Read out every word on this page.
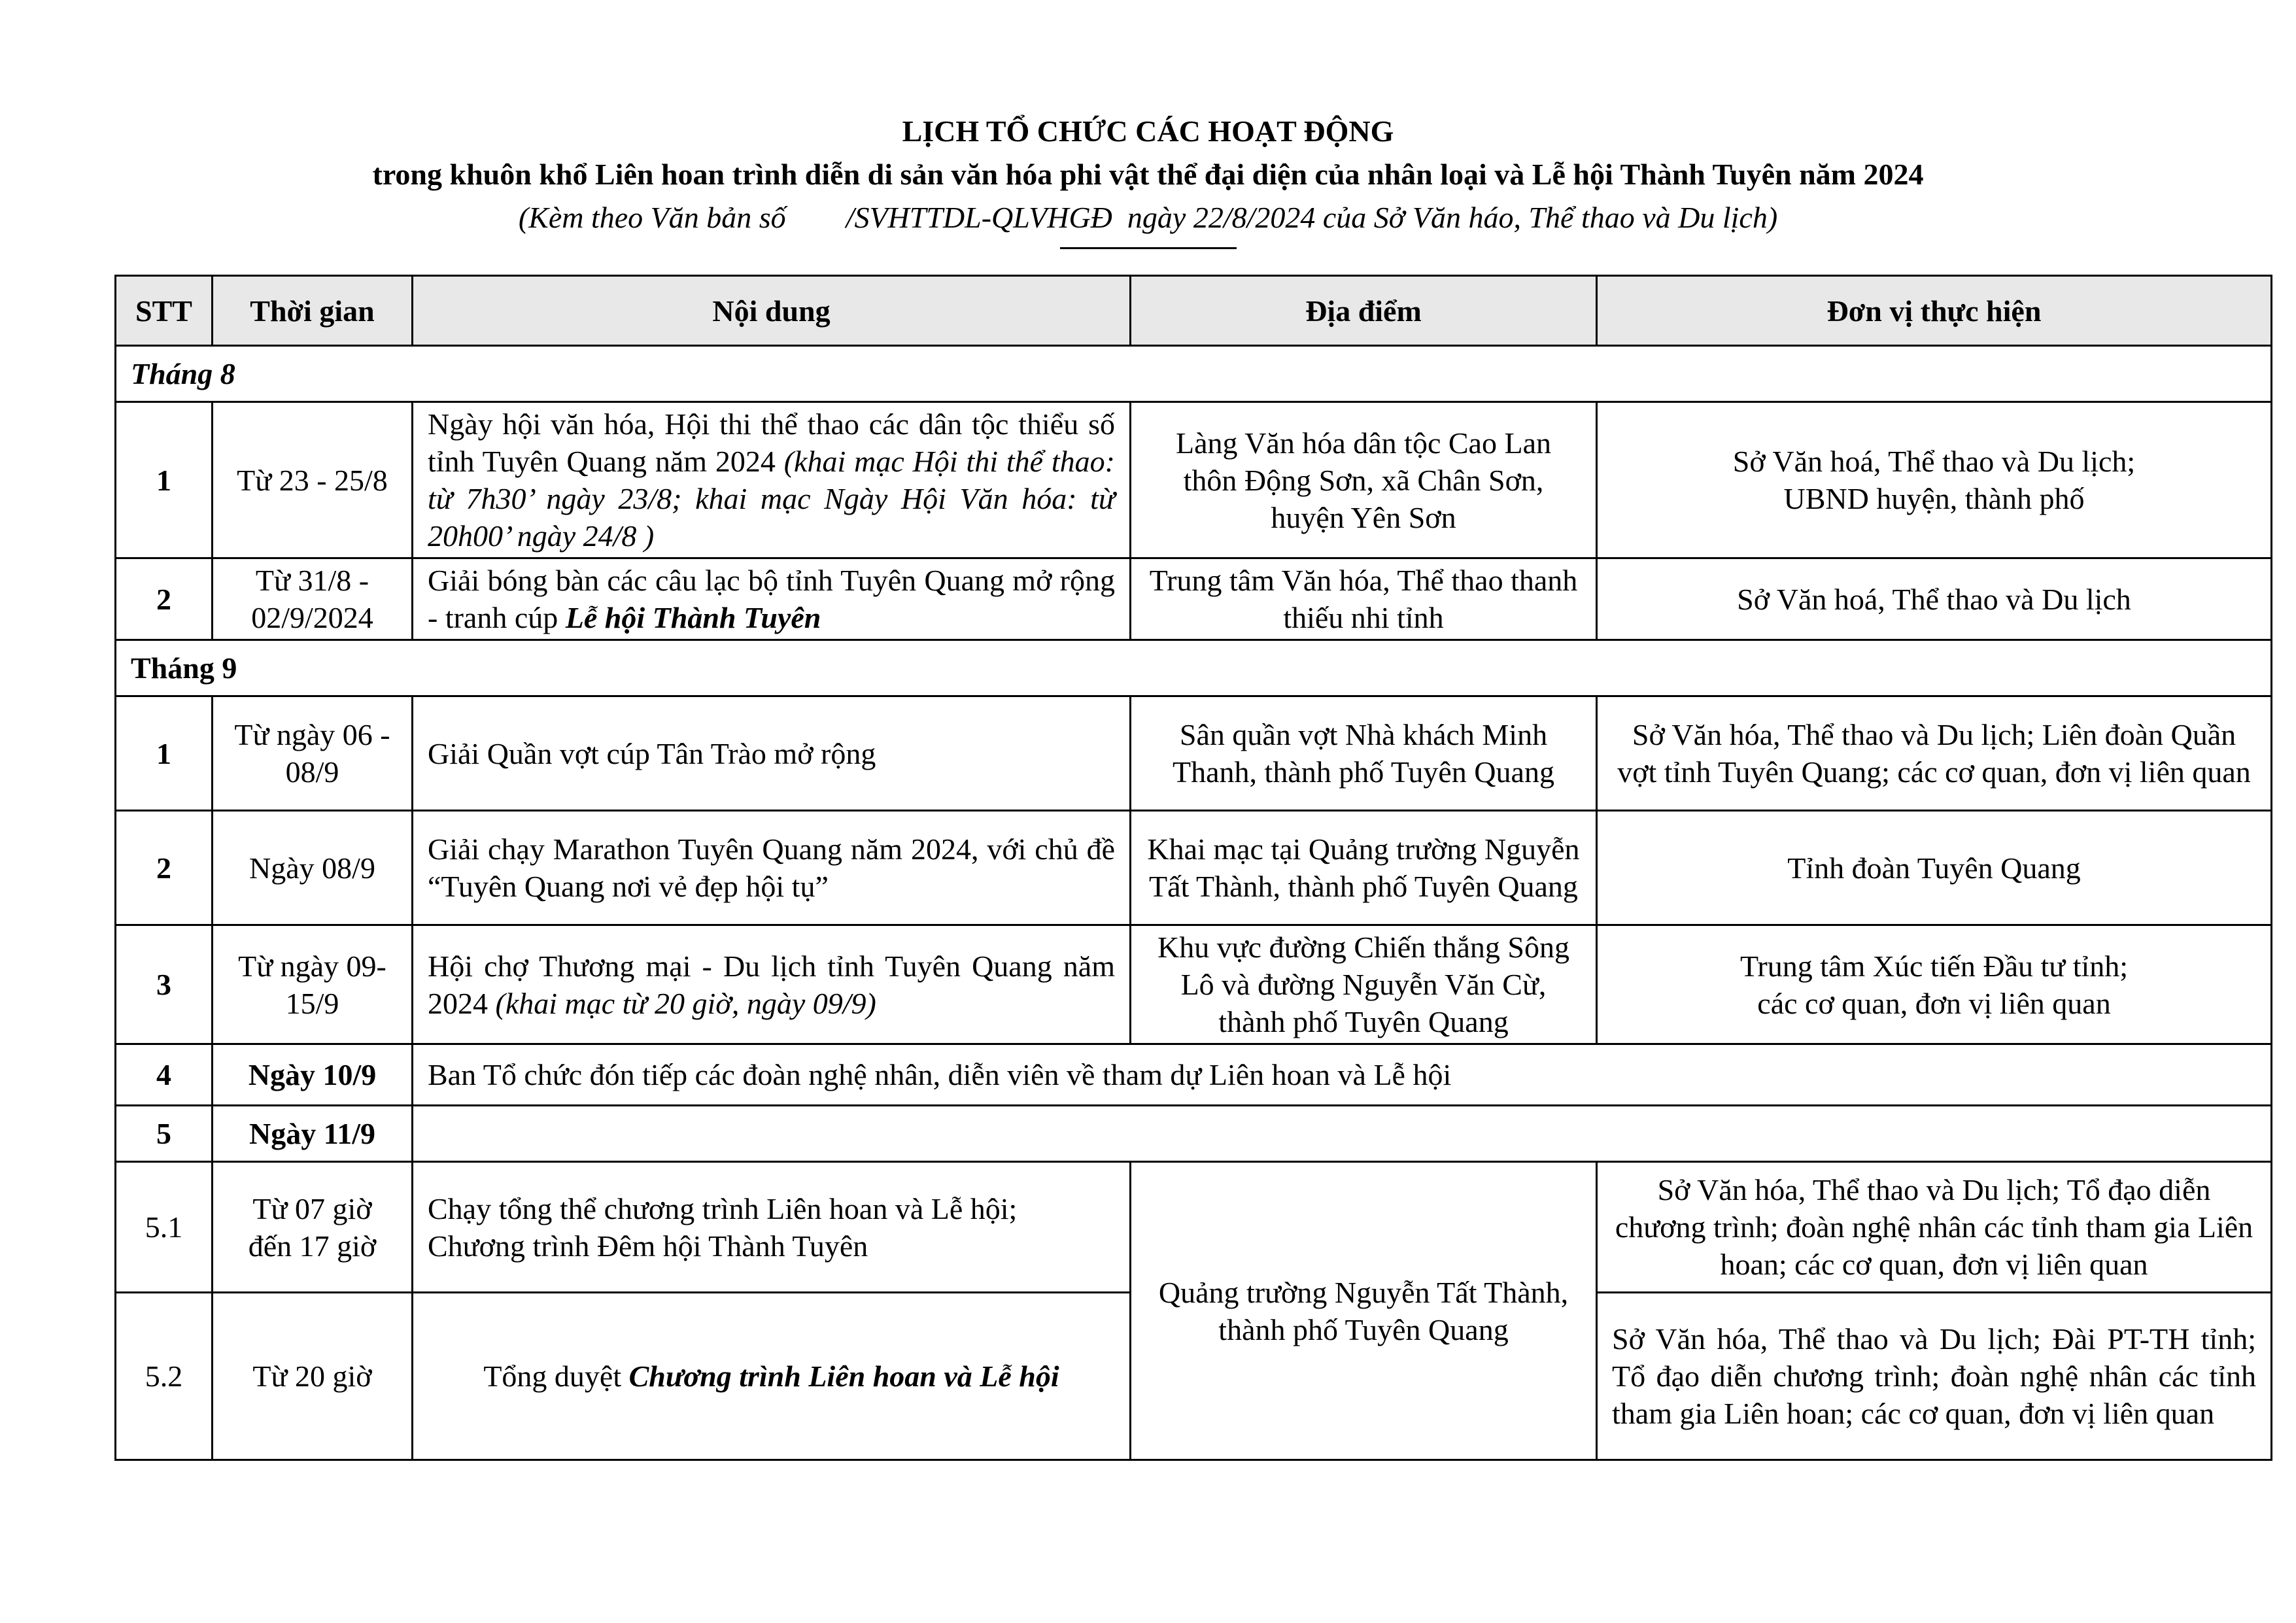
LỊCH TỔ CHỨC CÁC HOẠT ĐỘNG
trong khuôn khổ Liên hoan trình diễn di sản văn hóa phi vật thể đại diện của nhân loại và Lễ hội Thành Tuyên năm 2024
(Kèm theo Văn bản số        /SVHTTDL-QLVHGĐ  ngày 22/8/2024 của Sở Văn háo, Thể thao và Du lịch)
STT	Thời gian	Nội dung	Địa điểm	Đơn vị thực hiện
Tháng 8				
1	Từ 23 - 25/8	Ngày hội văn hóa, Hội thi thể thao các dân tộc thiểu số tỉnh Tuyên Quang năm 2024 (khai mạc Hội thi thể thao: từ 7h30’ ngày 23/8; khai mạc Ngày Hội Văn hóa: từ 20h00’ ngày 24/8 )	Làng Văn hóa dân tộc Cao Lan thôn Động Sơn, xã Chân Sơn, huyện Yên Sơn	Sở Văn hoá, Thể thao và Du lịch;
UBND huyện, thành phố

2	Từ 31/8 - 02/9/2024	Giải bóng bàn các câu lạc bộ tỉnh Tuyên Quang mở rộng - tranh cúp Lễ hội Thành Tuyên	Trung tâm Văn hóa, Thể thao thanh thiếu nhi tỉnh	Sở Văn hoá, Thể thao và Du lịch
Tháng 9				
1	Từ ngày 06 - 08/9	Giải Quần vợt cúp Tân Trào mở rộng	Sân quần vợt Nhà khách Minh Thanh, thành phố Tuyên Quang	Sở Văn hóa, Thể thao và Du lịch; Liên đoàn Quần vợt tỉnh Tuyên Quang; các cơ quan, đơn vị liên quan
2	Ngày 08/9	Giải chạy Marathon Tuyên Quang năm 2024, với chủ đề “Tuyên Quang nơi vẻ đẹp hội tụ”	Khai mạc tại Quảng trường Nguyễn Tất Thành, thành phố Tuyên Quang	Tỉnh đoàn Tuyên Quang
3	Từ ngày 09-15/9	Hội chợ Thương mại - Du lịch tỉnh Tuyên Quang năm 2024 (khai mạc từ 20 giờ, ngày 09/9)	Khu vực đường Chiến thắng Sông Lô và đường Nguyễn Văn Cừ, thành phố Tuyên Quang	Trung tâm Xúc tiến Đầu tư tỉnh;
các cơ quan, đơn vị liên quan

4	Ngày 10/9	Ban Tổ chức đón tiếp các đoàn nghệ nhân, diễn viên về tham dự Liên hoan và Lễ hội		
5	Ngày 11/9			
5.1	Từ 07 giờ đến 17 giờ	Chạy tổng thể chương trình Liên hoan và Lễ hội; Chương trình Đêm hội Thành Tuyên	Quảng trường Nguyễn Tất Thành, thành phố Tuyên Quang	Sở Văn hóa, Thể thao và Du lịch; Tổ đạo diễn chương trình; đoàn nghệ nhân các tỉnh tham gia Liên hoan; các cơ quan, đơn vị liên quan
5.2	Từ 20 giờ	Tổng duyệt Chương trình Liên hoan và Lễ hội		Sở Văn hóa, Thể thao và Du lịch; Đài PT-TH tỉnh; Tổ đạo diễn chương trình; đoàn nghệ nhân các tỉnh tham gia Liên hoan; các cơ quan, đơn vị liên quan
